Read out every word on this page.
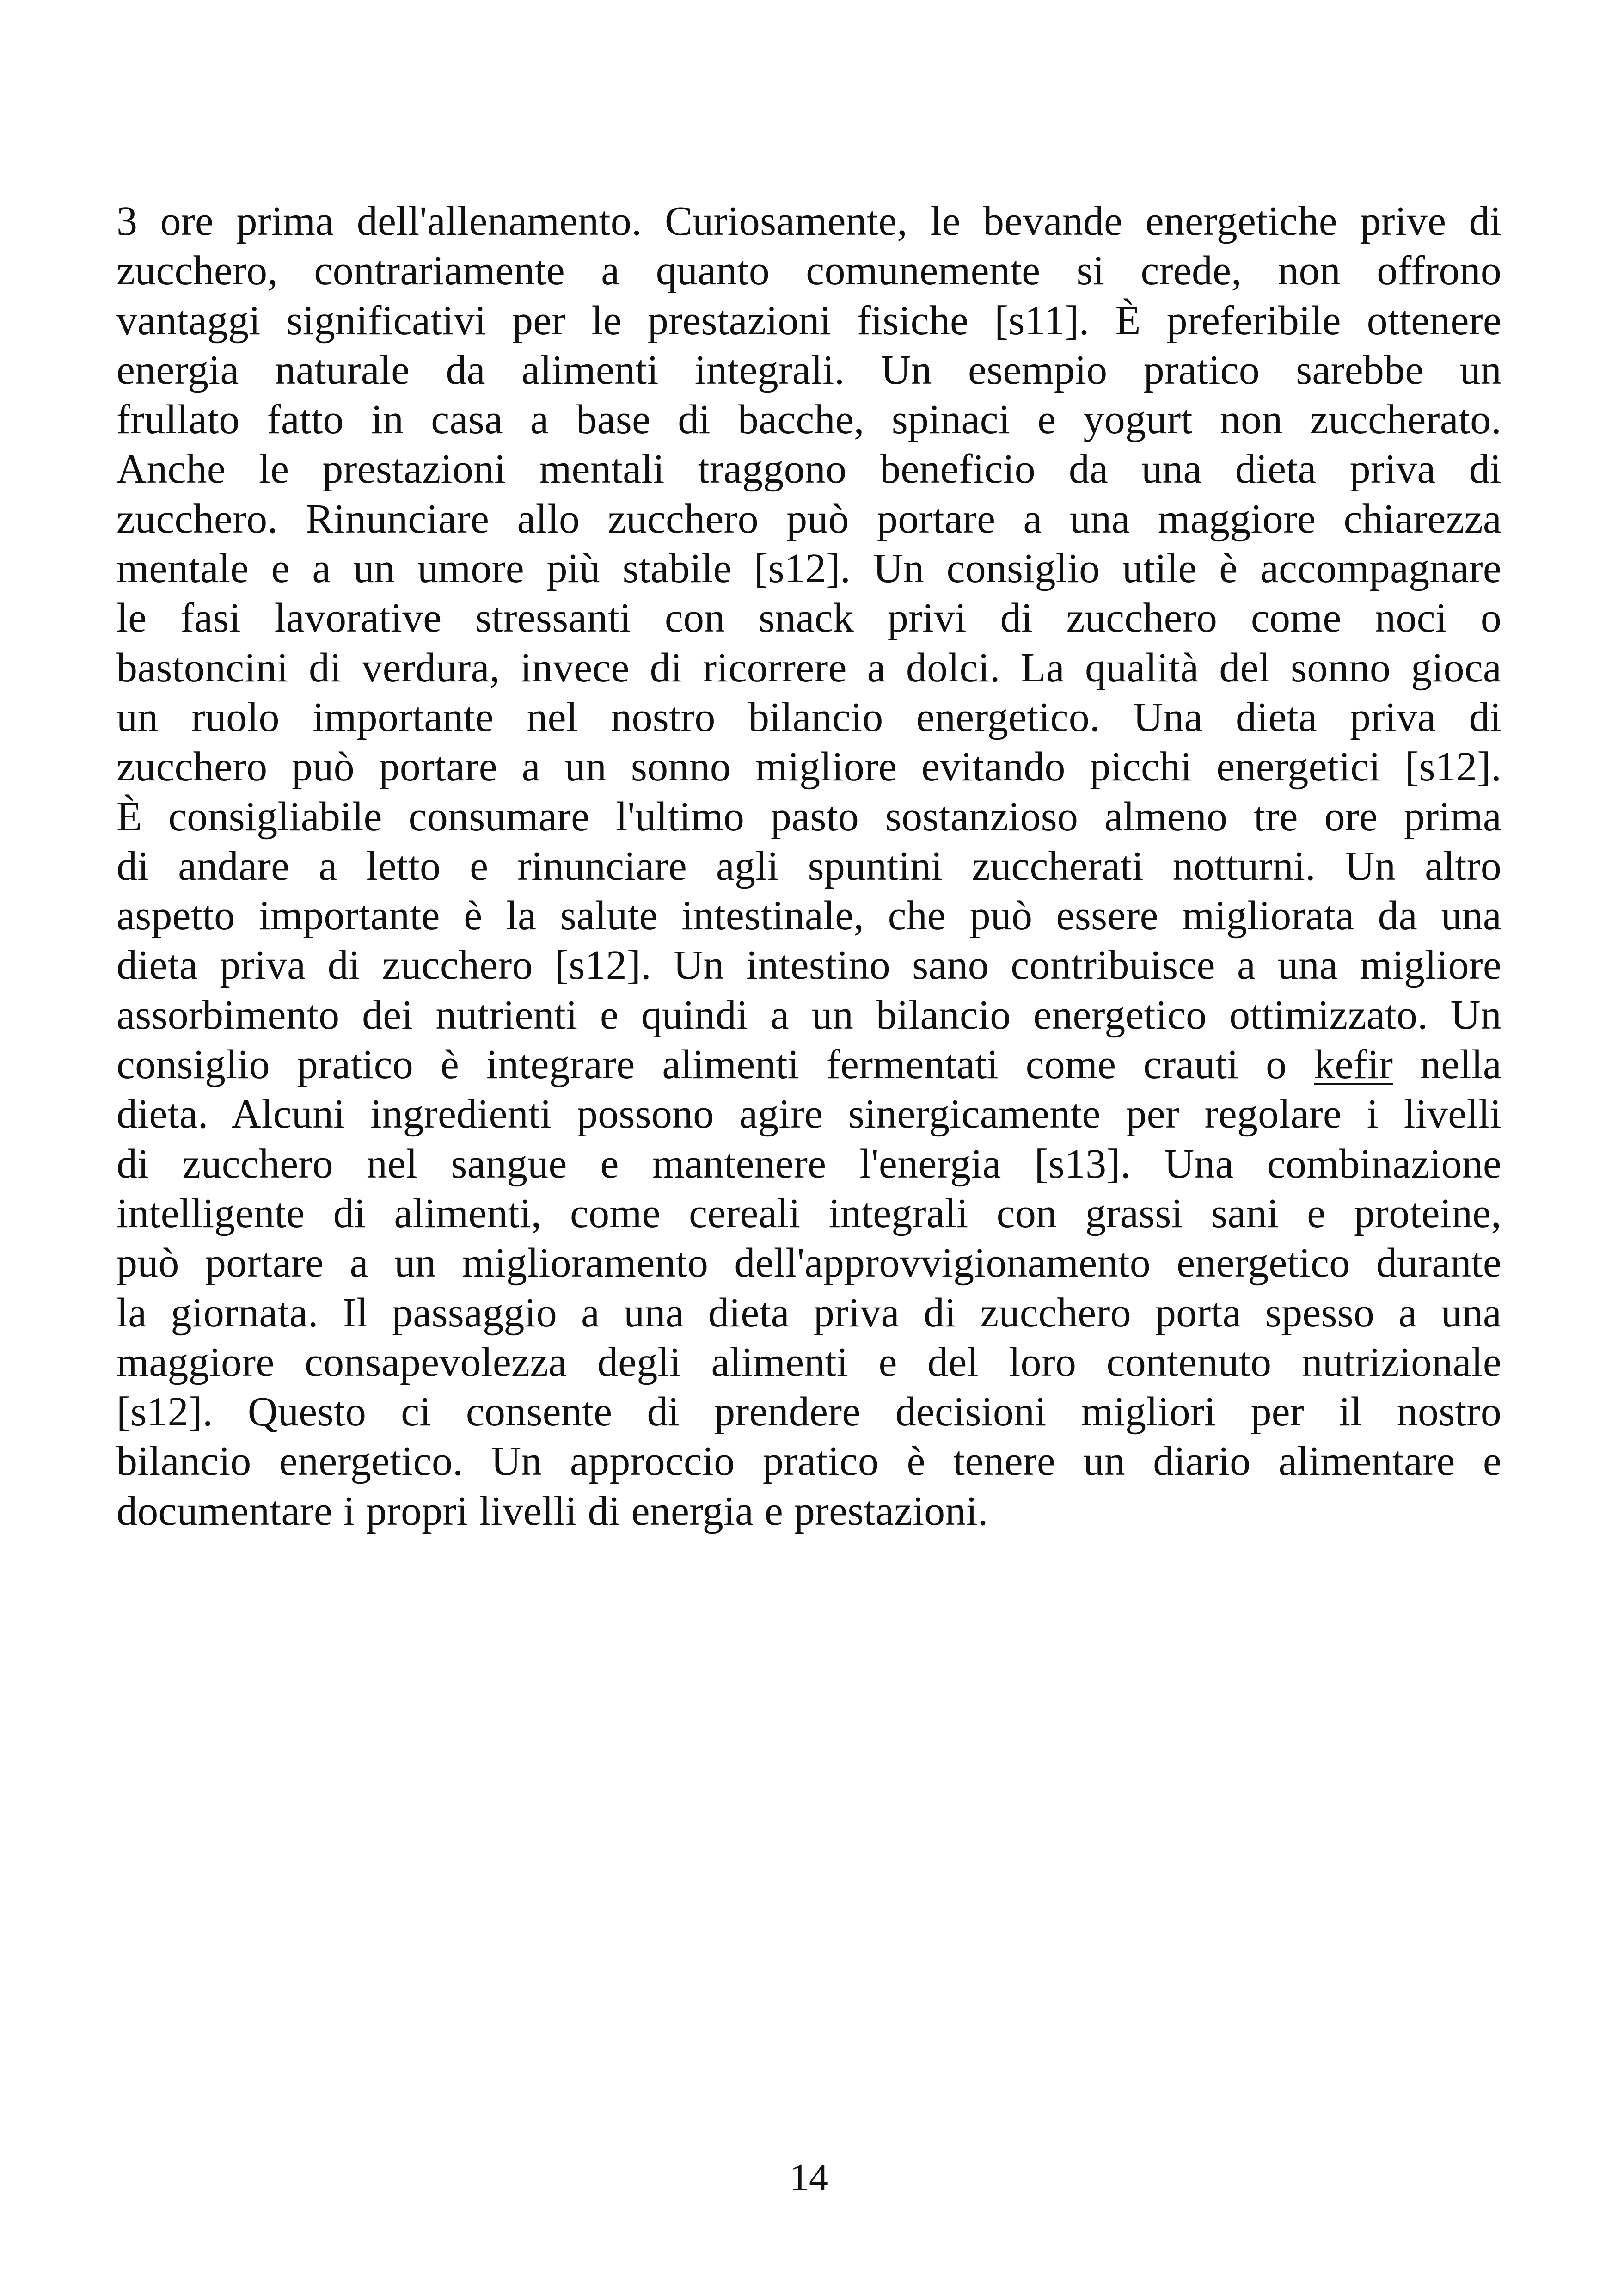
3 ore prima dell'allenamento. Curiosamente, le bevande energetiche prive di
zucchero, contrariamente a quanto comunemente si crede, non offrono
vantaggi significativi per le prestazioni fisiche [s11]. È preferibile ottenere
energia naturale da alimenti integrali. Un esempio pratico sarebbe un
frullato fatto in casa a base di bacche, spinaci e yogurt non zuccherato.
Anche le prestazioni mentali traggono beneficio da una dieta priva di
zucchero. Rinunciare allo zucchero può portare a una maggiore chiarezza
mentale e a un umore più stabile [s12]. Un consiglio utile è accompagnare
le fasi lavorative stressanti con snack privi di zucchero come noci o
bastoncini di verdura, invece di ricorrere a dolci. La qualità del sonno gioca
un ruolo importante nel nostro bilancio energetico. Una dieta priva di
zucchero può portare a un sonno migliore evitando picchi energetici [s12].
È consigliabile consumare l'ultimo pasto sostanzioso almeno tre ore prima
di andare a letto e rinunciare agli spuntini zuccherati notturni. Un altro
aspetto importante è la salute intestinale, che può essere migliorata da una
dieta priva di zucchero [s12]. Un intestino sano contribuisce a una migliore
assorbimento dei nutrienti e quindi a un bilancio energetico ottimizzato. Un
consiglio pratico è integrare alimenti fermentati come crauti o kefir nella
dieta. Alcuni ingredienti possono agire sinergicamente per regolare i livelli
di zucchero nel sangue e mantenere l'energia [s13]. Una combinazione
intelligente di alimenti, come cereali integrali con grassi sani e proteine,
può portare a un miglioramento dell'approvvigionamento energetico durante
la giornata. Il passaggio a una dieta priva di zucchero porta spesso a una
maggiore consapevolezza degli alimenti e del loro contenuto nutrizionale
[s12]. Questo ci consente di prendere decisioni migliori per il nostro
bilancio energetico. Un approccio pratico è tenere un diario alimentare e
documentare i propri livelli di energia e prestazioni.

14
